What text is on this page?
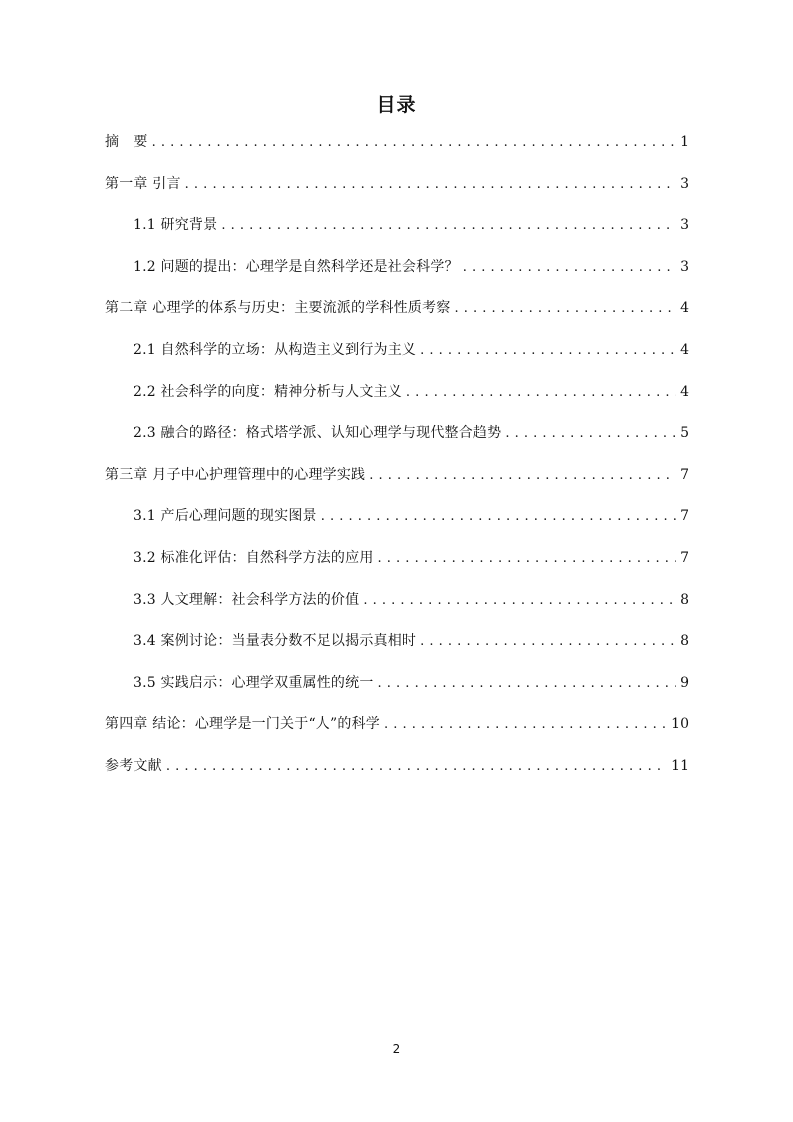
目录
摘　要 . . .	1
第一章 引言 . . .	3
1.1 研究背景 . . .	3
1.2 问题的提出：心理学是自然科学还是社会科学？ . . .	3
第二章 心理学的体系与历史：主要流派的学科性质考察 . . .	4
2.1 自然科学的立场：从构造主义到行为主义 . . .	4
2.2 社会科学的向度：精神分析与人文主义 . . .	4
2.3 融合的路径：格式塔学派、认知心理学与现代整合趋势 . . .	5
第三章 月子中心护理管理中的心理学实践 . . .	7
3.1 产后心理问题的现实图景 . . .	7
3.2 标准化评估：自然科学方法的应用 . . .	7
3.3 人文理解：社会科学方法的价值 . . .	8
3.4 案例讨论：当量表分数不足以揭示真相时 . . .	8
3.5 实践启示：心理学双重属性的统一 . . .	9
第四章 结论：心理学是一门关于“人”的科学 . . .	10
参考文献 . . .	11
2
